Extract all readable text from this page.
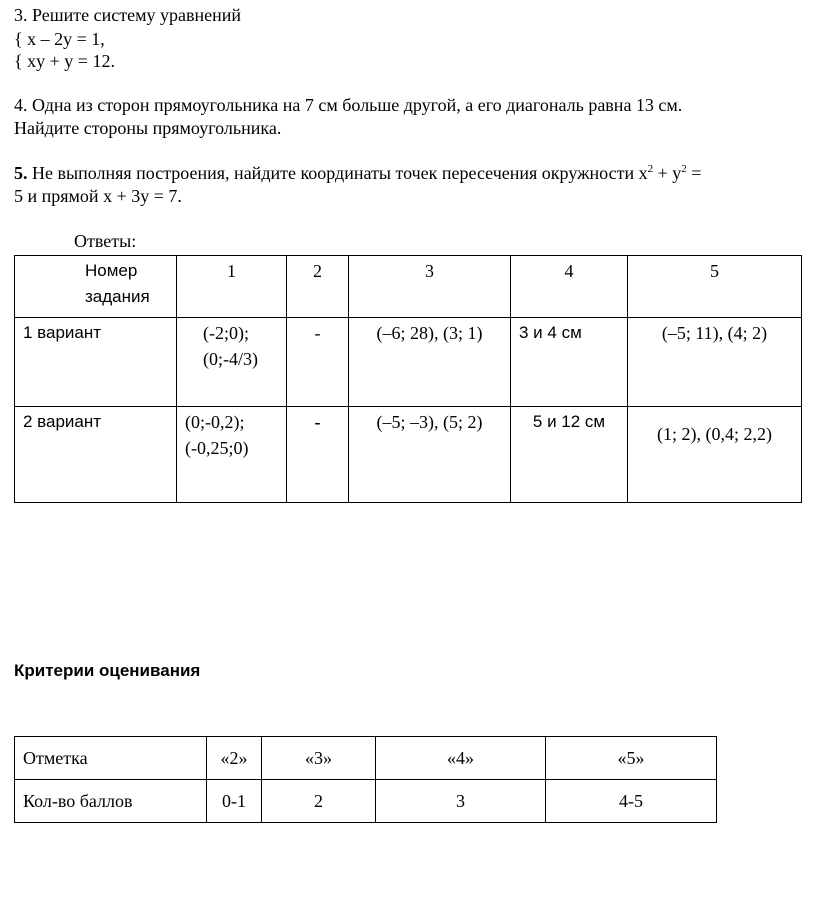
3. Решите систему уравнений
{ x – 2y = 1,
{ xy + y = 12.
4. Одна из сторон прямоугольника на 7 см больше другой, а его диагональ равна 13 см.
Найдите стороны прямоугольника.
5. Не выполняя построения, найдите координаты точек пересечения окружности $x^2 + y^2$ =
5 и прямой x + 3y = 7.
Ответы:
Номер задания	1	2	3	4	5
1 вариант	(-2;0); (0;-4/3)	-	(–6; 28), (3; 1)	3 и 4 см	(–5; 11), (4; 2)
2 вариант	(0;-0,2); (-0,25;0)	-	(–5; –3), (5; 2)	5 и 12 см	(1; 2), (0,4; 2,2)
Критерии оценивания
Отметка	«2»	«3»	«4»	«5»
Кол-во баллов	0-1	2	3	4-5
